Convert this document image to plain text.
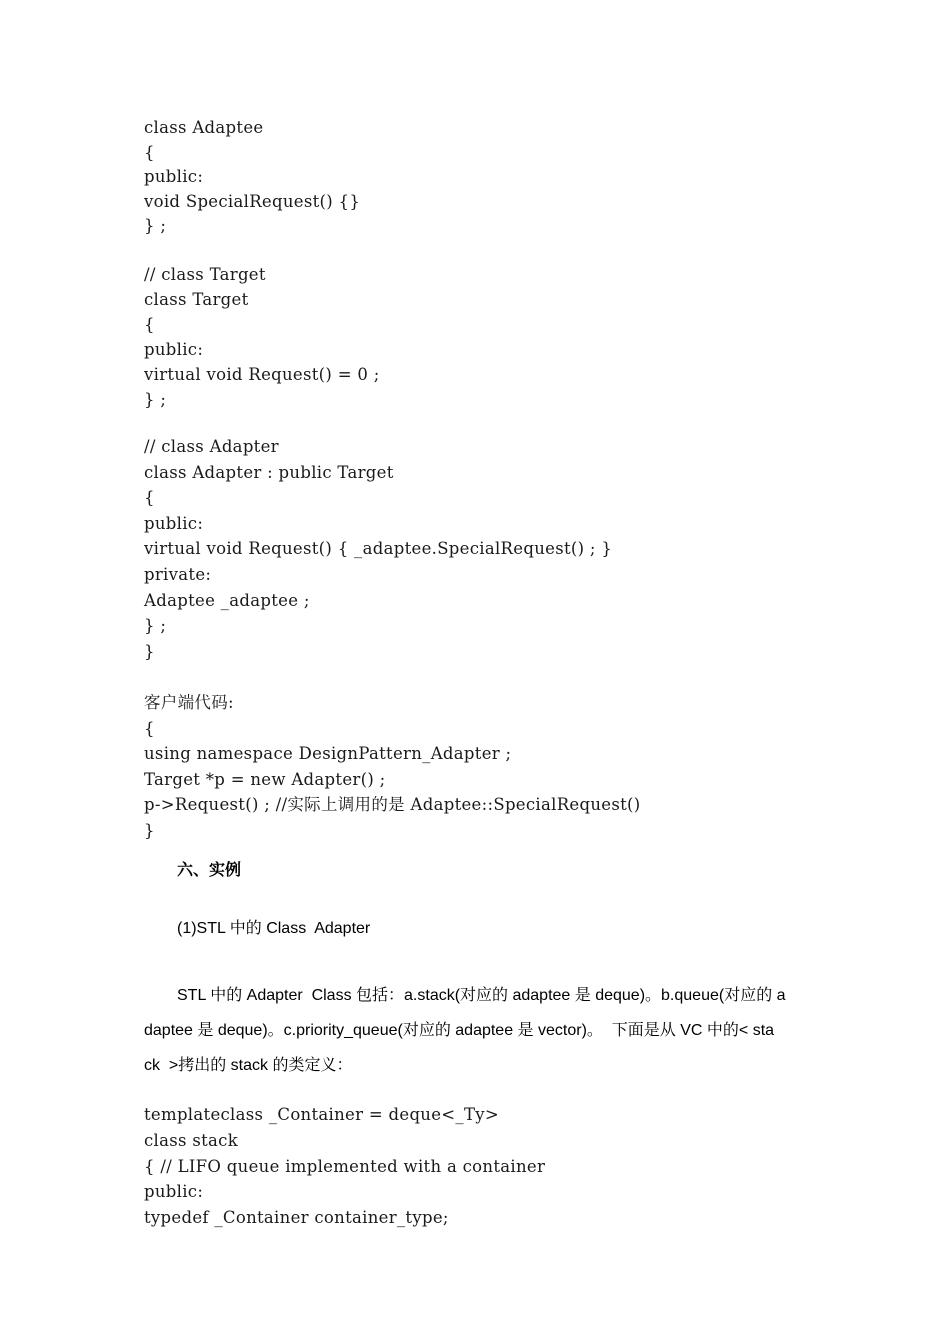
class Adaptee
{
public:
void SpecialRequest() {}
} ;
// class Target
class Target
{
public:
virtual void Request() = 0 ;
} ;
// class Adapter
class Adapter : public Target
{
public:
virtual void Request() { _adaptee.SpecialRequest() ; }
private:
Adaptee _adaptee ;
} ;
}
客户端代码:
{
using namespace DesignPattern_Adapter ;
Target *p = new Adapter() ;
p->Request() ; //实际上调用的是 Adaptee::SpecialRequest()
}
六、实例
(1)STL 中的 Class  Adapter
STL 中的 Adapter  Class 包括：a.stack(对应的 adaptee 是 deque)。b.queue(对应的 a
daptee 是 deque)。c.priority_queue(对应的 adaptee 是 vector)。  下面是从 VC 中的< sta
ck  >拷出的 stack 的类定义：
templateclass _Container = deque<_Ty>
class stack
{ // LIFO queue implemented with a container
public:
typedef _Container container_type;
